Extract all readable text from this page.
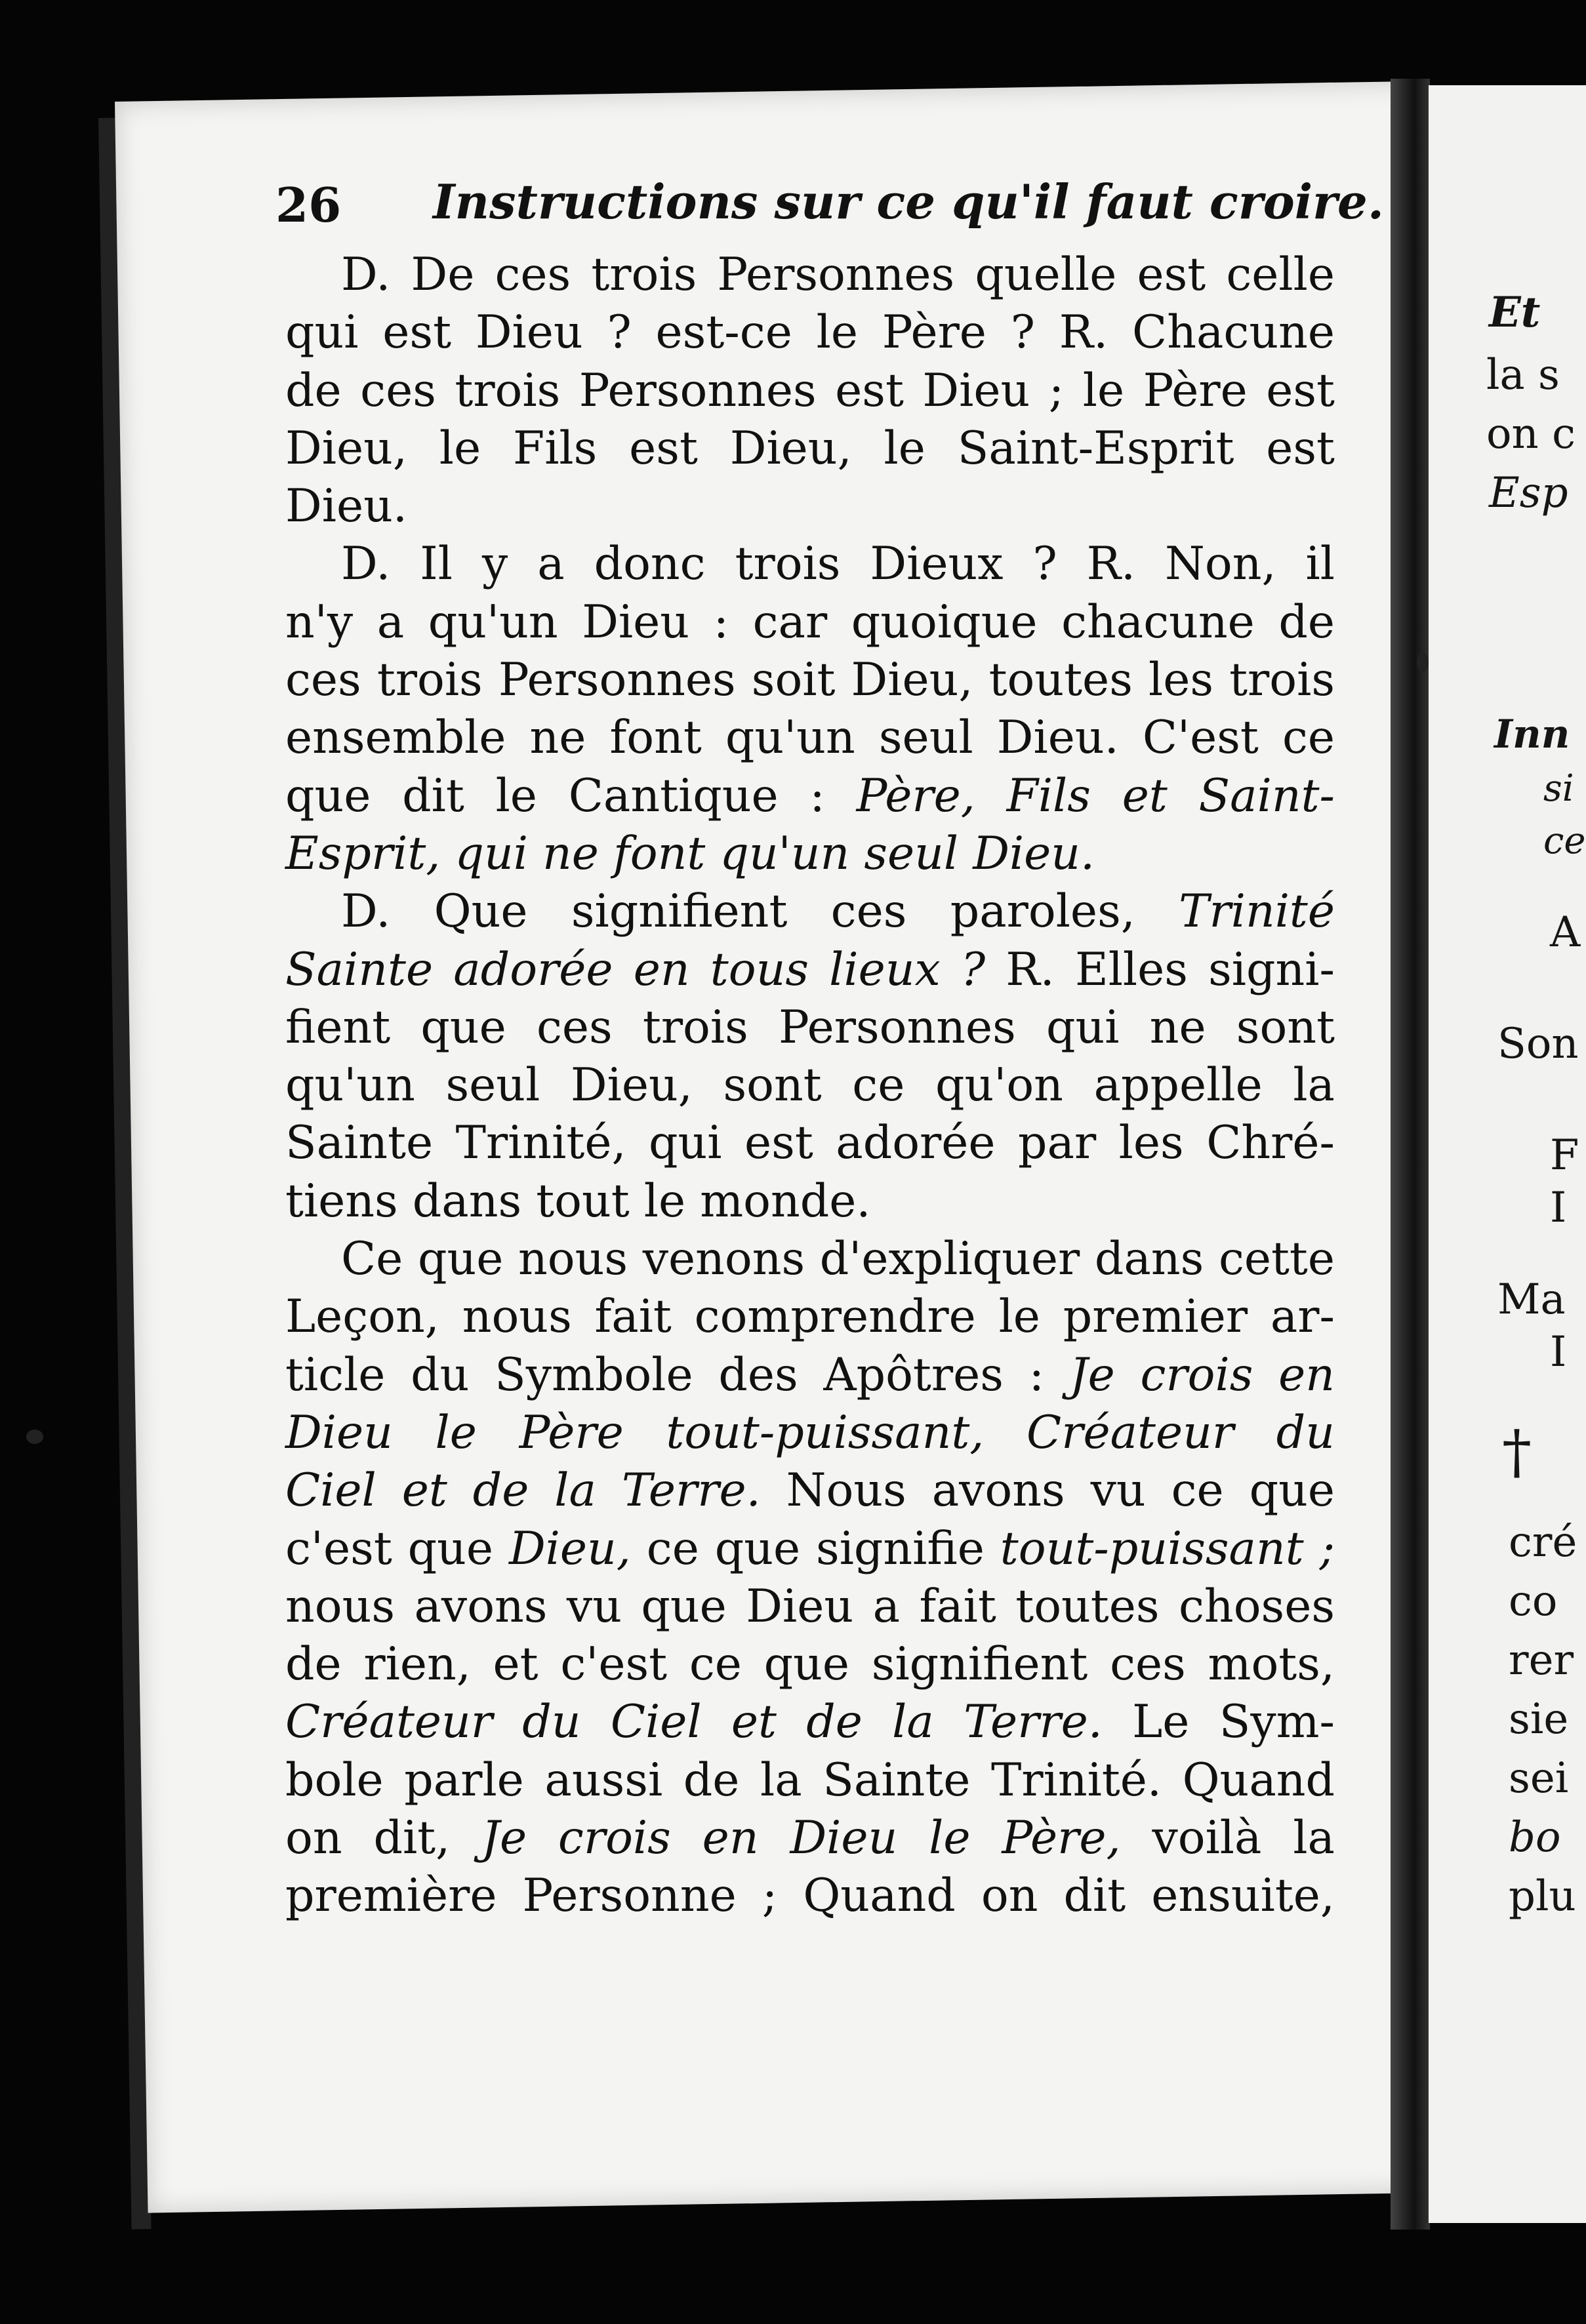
Et
la s
on c
Esp
Inn
si
ce
A
Son
F
I
Ma
I
†
cré
co
rer
sie
sei
bo
plu
26 Instructions sur ce qu'il faut croire.
D. De ces trois Personnes quelle est celle
qui est Dieu ? est-ce le Père ? R. Chacune
de ces trois Personnes est Dieu ; le Père est
Dieu, le Fils est Dieu, le Saint-Esprit est
Dieu.
D. Il y a donc trois Dieux ? R. Non, il
n'y a qu'un Dieu : car quoique chacune de
ces trois Personnes soit Dieu, toutes les trois
ensemble ne font qu'un seul Dieu. C'est ce
que dit le Cantique : Père, Fils et Saint-
Esprit, qui ne font qu'un seul Dieu.
D. Que signifient ces paroles, Trinité
Sainte adorée en tous lieux ? R. Elles signi-
fient que ces trois Personnes qui ne sont
qu'un seul Dieu, sont ce qu'on appelle la
Sainte Trinité, qui est adorée par les Chré-
tiens dans tout le monde.
Ce que nous venons d'expliquer dans cette
Leçon, nous fait comprendre le premier ar-
ticle du Symbole des Apôtres : Je crois en
Dieu le Père tout-puissant, Créateur du
Ciel et de la Terre. Nous avons vu ce que
c'est que Dieu, ce que signifie tout-puissant ;
nous avons vu que Dieu a fait toutes choses
de rien, et c'est ce que signifient ces mots,
Créateur du Ciel et de la Terre. Le Sym-
bole parle aussi de la Sainte Trinité. Quand
on dit, Je crois en Dieu le Père, voilà la
première Personne ; Quand on dit ensuite,
